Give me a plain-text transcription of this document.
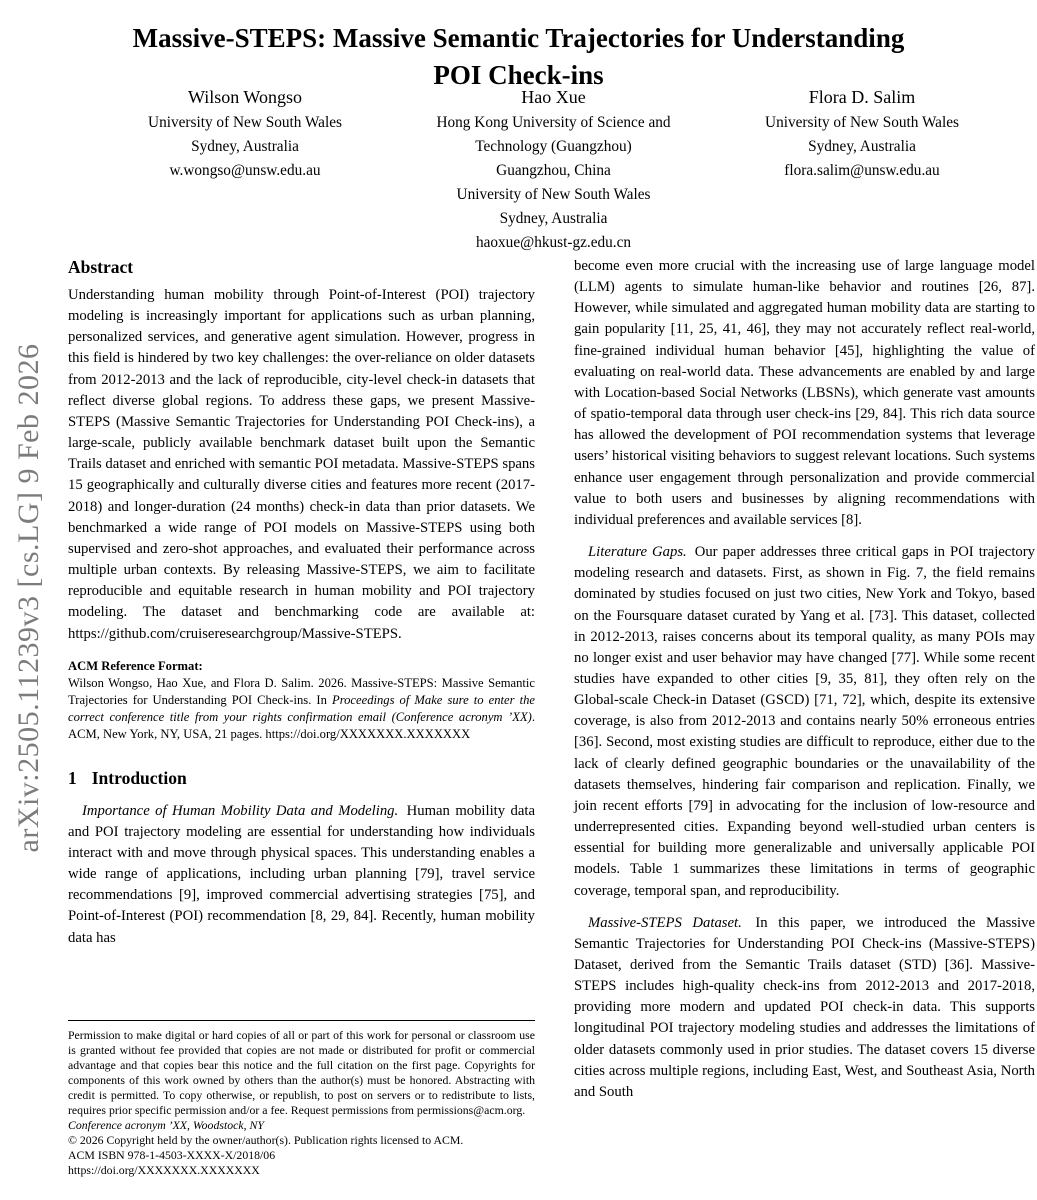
arXiv:2505.11239v3 [cs.LG] 9 Feb 2026
Massive-STEPS: Massive Semantic Trajectories for Understanding
POI Check-ins
Wilson Wongso
University of New South Wales
Sydney, Australia
w.wongso@unsw.edu.au
Hao Xue
Hong Kong University of Science and
Technology (Guangzhou)
Guangzhou, China
University of New South Wales
Sydney, Australia
haoxue@hkust-gz.edu.cn
Flora D. Salim
University of New South Wales
Sydney, Australia
flora.salim@unsw.edu.au
Abstract

Understanding human mobility through Point-of-Interest (POI) trajectory modeling is increasingly important for applications such as urban planning, personalized services, and generative agent simulation. However, progress in this field is hindered by two key challenges: the over-reliance on older datasets from 2012-2013 and the lack of reproducible, city-level check-in datasets that reflect diverse global regions. To address these gaps, we present Massive-STEPS (Massive Semantic Trajectories for Understanding POI Check-ins), a large-scale, publicly available benchmark dataset built upon the Semantic Trails dataset and enriched with semantic POI metadata. Massive-STEPS spans 15 geographically and culturally diverse cities and features more recent (2017-2018) and longer-duration (24 months) check-in data than prior datasets. We benchmarked a wide range of POI models on Massive-STEPS using both supervised and zero-shot approaches, and evaluated their performance across multiple urban contexts. By releasing Massive-STEPS, we aim to facilitate reproducible and equitable research in human mobility and POI trajectory modeling. The dataset and benchmarking code are available at: https://github.com/cruiseresearchgroup/Massive-STEPS.

ACM Reference Format:

Wilson Wongso, Hao Xue, and Flora D. Salim. 2026. Massive-STEPS: Massive Semantic Trajectories for Understanding POI Check-ins. In Proceedings of Make sure to enter the correct conference title from your rights confirmation email (Conference acronym ’XX). ACM, New York, NY, USA, 21 pages. https://doi.org/XXXXXXX.XXXXXXX

1 Introduction

Importance of Human Mobility Data and Modeling. Human mobility data and POI trajectory modeling are essential for understanding how individuals interact with and move through physical spaces. This understanding enables a wide range of applications, including urban planning [79], travel service recommendations [9], improved commercial advertising strategies [75], and Point-of-Interest (POI) recommendation [8, 29, 84]. Recently, human mobility data has

become even more crucial with the increasing use of large language model (LLM) agents to simulate human-like behavior and routines [26, 87]. However, while simulated and aggregated human mobility data are starting to gain popularity [11, 25, 41, 46], they may not accurately reflect real-world, fine-grained individual human behavior [45], highlighting the value of evaluating on real-world data. These advancements are enabled by and large with Location-based Social Networks (LBSNs), which generate vast amounts of spatio-temporal data through user check-ins [29, 84]. This rich data source has allowed the development of POI recommendation systems that leverage users’ historical visiting behaviors to suggest relevant locations. Such systems enhance user engagement through personalization and provide commercial value to both users and businesses by aligning recommendations with individual preferences and available services [8].

Literature Gaps. Our paper addresses three critical gaps in POI trajectory modeling research and datasets. First, as shown in Fig. 7, the field remains dominated by studies focused on just two cities, New York and Tokyo, based on the Foursquare dataset curated by Yang et al. [73]. This dataset, collected in 2012-2013, raises concerns about its temporal quality, as many POIs may no longer exist and user behavior may have changed [77]. While some recent studies have expanded to other cities [9, 35, 81], they often rely on the Global-scale Check-in Dataset (GSCD) [71, 72], which, despite its extensive coverage, is also from 2012-2013 and contains nearly 50% erroneous entries [36]. Second, most existing studies are difficult to reproduce, either due to the lack of clearly defined geographic boundaries or the unavailability of the datasets themselves, hindering fair comparison and replication. Finally, we join recent efforts [79] in advocating for the inclusion of low-resource and underrepresented cities. Expanding beyond well-studied urban centers is essential for building more generalizable and universally applicable POI models. Table 1 summarizes these limitations in terms of geographic coverage, temporal span, and reproducibility.

Massive-STEPS Dataset. In this paper, we introduced the Massive Semantic Trajectories for Understanding POI Check-ins (Massive-STEPS) Dataset, derived from the Semantic Trails dataset (STD) [36]. Massive-STEPS includes high-quality check-ins from 2012-2013 and 2017-2018, providing more modern and updated POI check-in data. This supports longitudinal POI trajectory modeling studies and addresses the limitations of older datasets commonly used in prior studies. The dataset covers 15 diverse cities across multiple regions, including East, West, and Southeast Asia, North and South

Permission to make digital or hard copies of all or part of this work for personal or classroom use is granted without fee provided that copies are not made or distributed for profit or commercial advantage and that copies bear this notice and the full citation on the first page. Copyrights for components of this work owned by others than the author(s) must be honored. Abstracting with credit is permitted. To copy otherwise, or republish, to post on servers or to redistribute to lists, requires prior specific permission and/or a fee. Request permissions from permissions@acm.org.

Conference acronym ’XX, Woodstock, NY

© 2026 Copyright held by the owner/author(s). Publication rights licensed to ACM.

ACM ISBN 978-1-4503-XXXX-X/2018/06

https://doi.org/XXXXXXX.XXXXXXX
